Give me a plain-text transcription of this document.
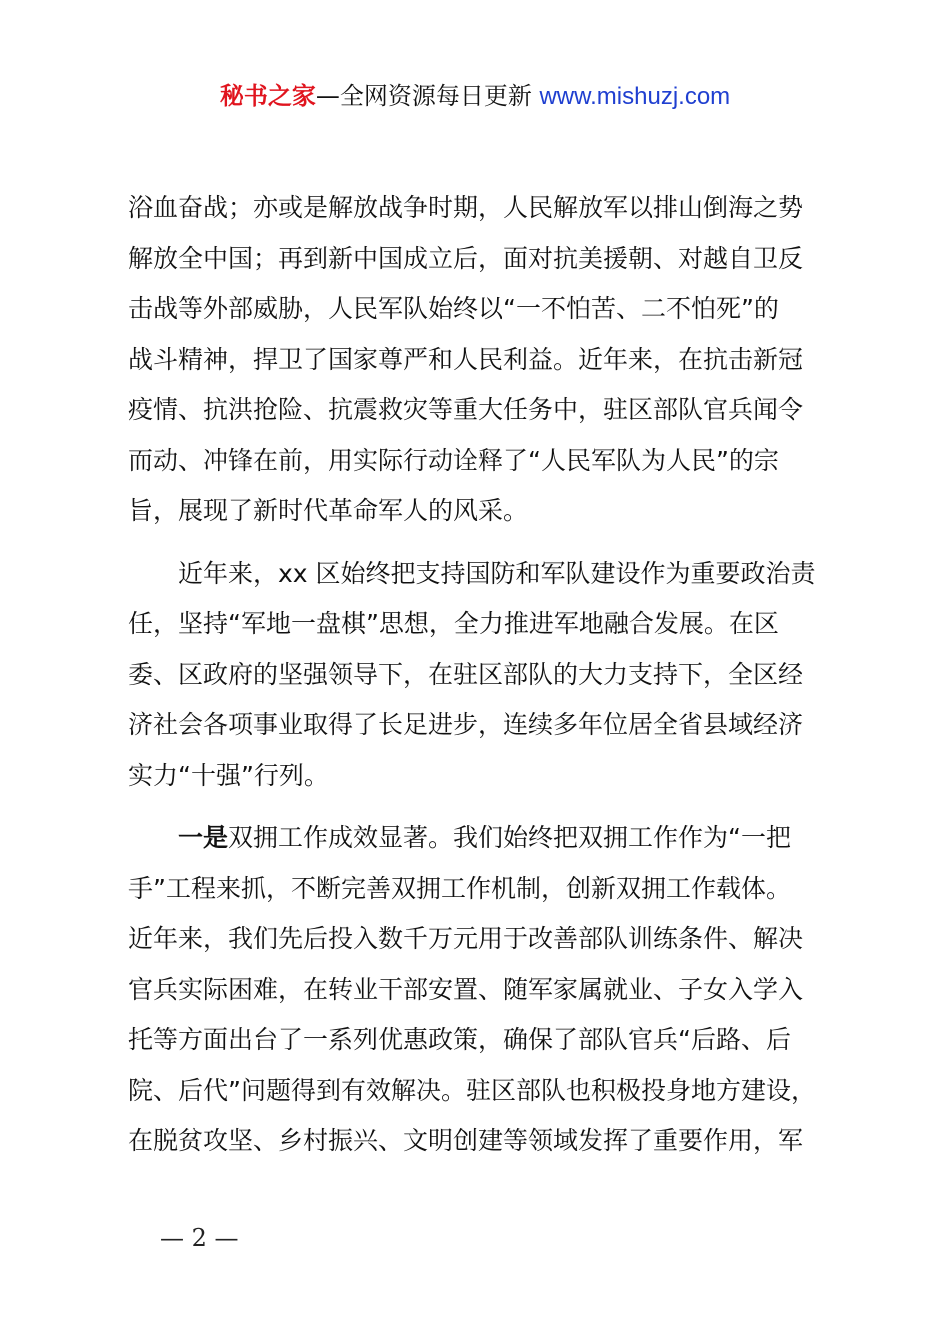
秘书之家—全网资源每日更新 www.mishuzj.com
浴血奋战；亦或是解放战争时期，人民解放军以排山倒海之势
解放全中国；再到新中国成立后，面对抗美援朝、对越自卫反
击战等外部威胁，人民军队始终以“一不怕苦、二不怕死”的
战斗精神，捍卫了国家尊严和人民利益。近年来，在抗击新冠
疫情、抗洪抢险、抗震救灾等重大任务中，驻区部队官兵闻令
而动、冲锋在前，用实际行动诠释了“人民军队为人民”的宗
旨，展现了新时代革命军人的风采。
　　近年来，xx 区始终把支持国防和军队建设作为重要政治责
任，坚持“军地一盘棋”思想，全力推进军地融合发展。在区
委、区政府的坚强领导下，在驻区部队的大力支持下，全区经
济社会各项事业取得了长足进步，连续多年位居全省县域经济
实力“十强”行列。
　　一是双拥工作成效显著。我们始终把双拥工作作为“一把
手”工程来抓，不断完善双拥工作机制，创新双拥工作载体。
近年来，我们先后投入数千万元用于改善部队训练条件、解决
官兵实际困难，在转业干部安置、随军家属就业、子女入学入
托等方面出台了一系列优惠政策，确保了部队官兵“后路、后
院、后代”问题得到有效解决。驻区部队也积极投身地方建设，
在脱贫攻坚、乡村振兴、文明创建等领域发挥了重要作用，军
— 2 —
